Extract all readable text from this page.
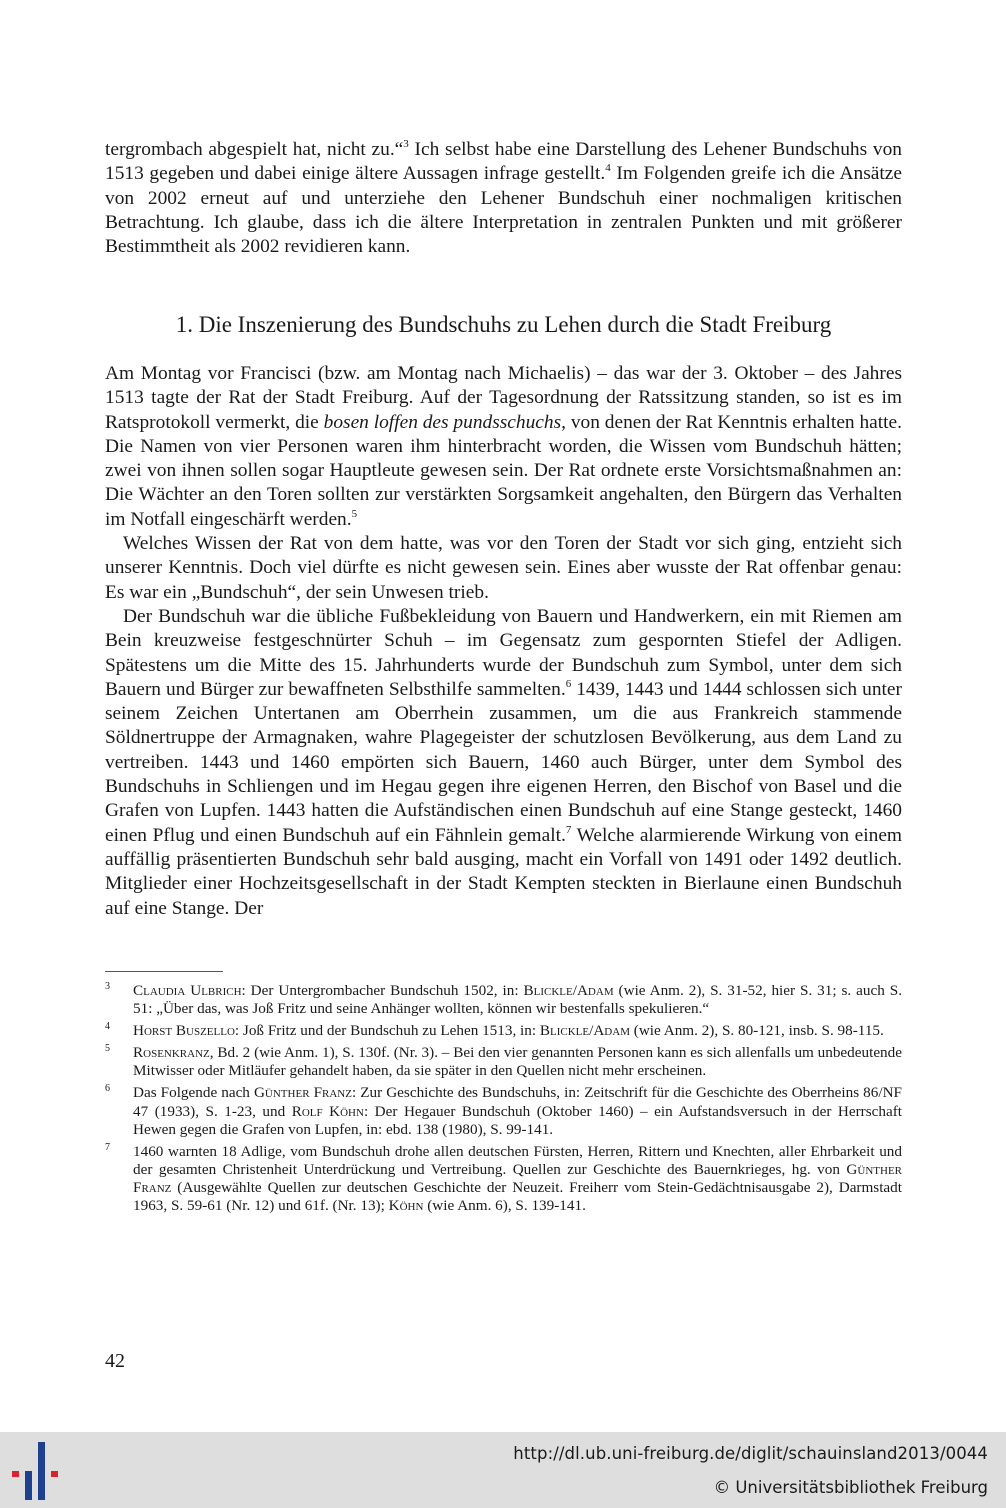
tergrombach abgespielt hat, nicht zu.“$^3$ Ich selbst habe eine Darstellung des Lehener Bundschuhs von 1513 gegeben und dabei einige ältere Aussagen infrage gestellt.$^4$ Im Folgenden greife ich die Ansätze von 2002 erneut auf und unterziehe den Lehener Bundschuh einer nochmaligen kritischen Betrachtung. Ich glaube, dass ich die ältere Interpretation in zentralen Punkten und mit größerer Bestimmtheit als 2002 revidieren kann.

1. Die Inszenierung des Bundschuhs zu Lehen durch die Stadt Freiburg

Am Montag vor Francisci (bzw. am Montag nach Michaelis) – das war der 3. Oktober – des Jahres 1513 tagte der Rat der Stadt Freiburg. Auf der Tagesordnung der Ratssitzung standen, so ist es im Ratsprotokoll vermerkt, die bosen loffen des pundsschuchs, von denen der Rat Kenntnis erhalten hatte. Die Namen von vier Personen waren ihm hinterbracht worden, die Wissen vom Bundschuh hätten; zwei von ihnen sollen sogar Hauptleute gewesen sein. Der Rat ordnete erste Vorsichtsmaßnahmen an: Die Wächter an den Toren sollten zur verstärkten Sorgsamkeit angehalten, den Bürgern das Verhalten im Notfall eingeschärft werden.$^5$

Welches Wissen der Rat von dem hatte, was vor den Toren der Stadt vor sich ging, entzieht sich unserer Kenntnis. Doch viel dürfte es nicht gewesen sein. Eines aber wusste der Rat offenbar genau: Es war ein „Bundschuh“, der sein Unwesen trieb.

Der Bundschuh war die übliche Fußbekleidung von Bauern und Handwerkern, ein mit Riemen am Bein kreuzweise festgeschnürter Schuh – im Gegensatz zum gespornten Stiefel der Adligen. Spätestens um die Mitte des 15. Jahrhunderts wurde der Bundschuh zum Symbol, unter dem sich Bauern und Bürger zur bewaffneten Selbsthilfe sammelten.$^6$ 1439, 1443 und 1444 schlossen sich unter seinem Zeichen Untertanen am Oberrhein zusammen, um die aus Frankreich stammende Söldnertruppe der Armagnaken, wahre Plagegeister der schutzlosen Bevölkerung, aus dem Land zu vertreiben. 1443 und 1460 empörten sich Bauern, 1460 auch Bürger, unter dem Symbol des Bundschuhs in Schliengen und im Hegau gegen ihre eigenen Herren, den Bischof von Basel und die Grafen von Lupfen. 1443 hatten die Aufständischen einen Bundschuh auf eine Stange gesteckt, 1460 einen Pflug und einen Bundschuh auf ein Fähnlein gemalt.$^7$ Welche alarmierende Wirkung von einem auffällig präsentierten Bundschuh sehr bald ausging, macht ein Vorfall von 1491 oder 1492 deutlich. Mitglieder einer Hochzeitsgesellschaft in der Stadt Kempten steckten in Bierlaune einen Bundschuh auf eine Stange. Der

3 Claudia Ulbrich: Der Untergrombacher Bundschuh 1502, in: Blickle/Adam (wie Anm. 2), S. 31-52, hier S. 31; s. auch S. 51: „Über das, was Joß Fritz und seine Anhänger wollten, können wir bestenfalls spekulieren.“
4 Horst Buszello: Joß Fritz und der Bundschuh zu Lehen 1513, in: Blickle/Adam (wie Anm. 2), S. 80-121, insb. S. 98-115.
5 Rosenkranz, Bd. 2 (wie Anm. 1), S. 130f. (Nr. 3). – Bei den vier genannten Personen kann es sich allenfalls um unbedeutende Mitwisser oder Mitläufer gehandelt haben, da sie später in den Quellen nicht mehr erscheinen.
6 Das Folgende nach Günther Franz: Zur Geschichte des Bundschuhs, in: Zeitschrift für die Geschichte des Oberrheins 86/NF 47 (1933), S. 1-23, und Rolf Köhn: Der Hegauer Bundschuh (Oktober 1460) – ein Aufstandsversuch in der Herrschaft Hewen gegen die Grafen von Lupfen, in: ebd. 138 (1980), S. 99-141.
7 1460 warnten 18 Adlige, vom Bundschuh drohe allen deutschen Fürsten, Herren, Rittern und Knechten, aller Ehrbarkeit und der gesamten Christenheit Unterdrückung und Vertreibung. Quellen zur Geschichte des Bauernkrieges, hg. von Günther Franz (Ausgewählte Quellen zur deutschen Geschichte der Neuzeit. Freiherr vom Stein-Gedächtnisausgabe 2), Darmstadt 1963, S. 59-61 (Nr. 12) und 61f. (Nr. 13); Köhn (wie Anm. 6), S. 139-141.
42
http://dl.ub.uni-freiburg.de/diglit/schauinsland2013/0044
© Universitätsbibliothek Freiburg
